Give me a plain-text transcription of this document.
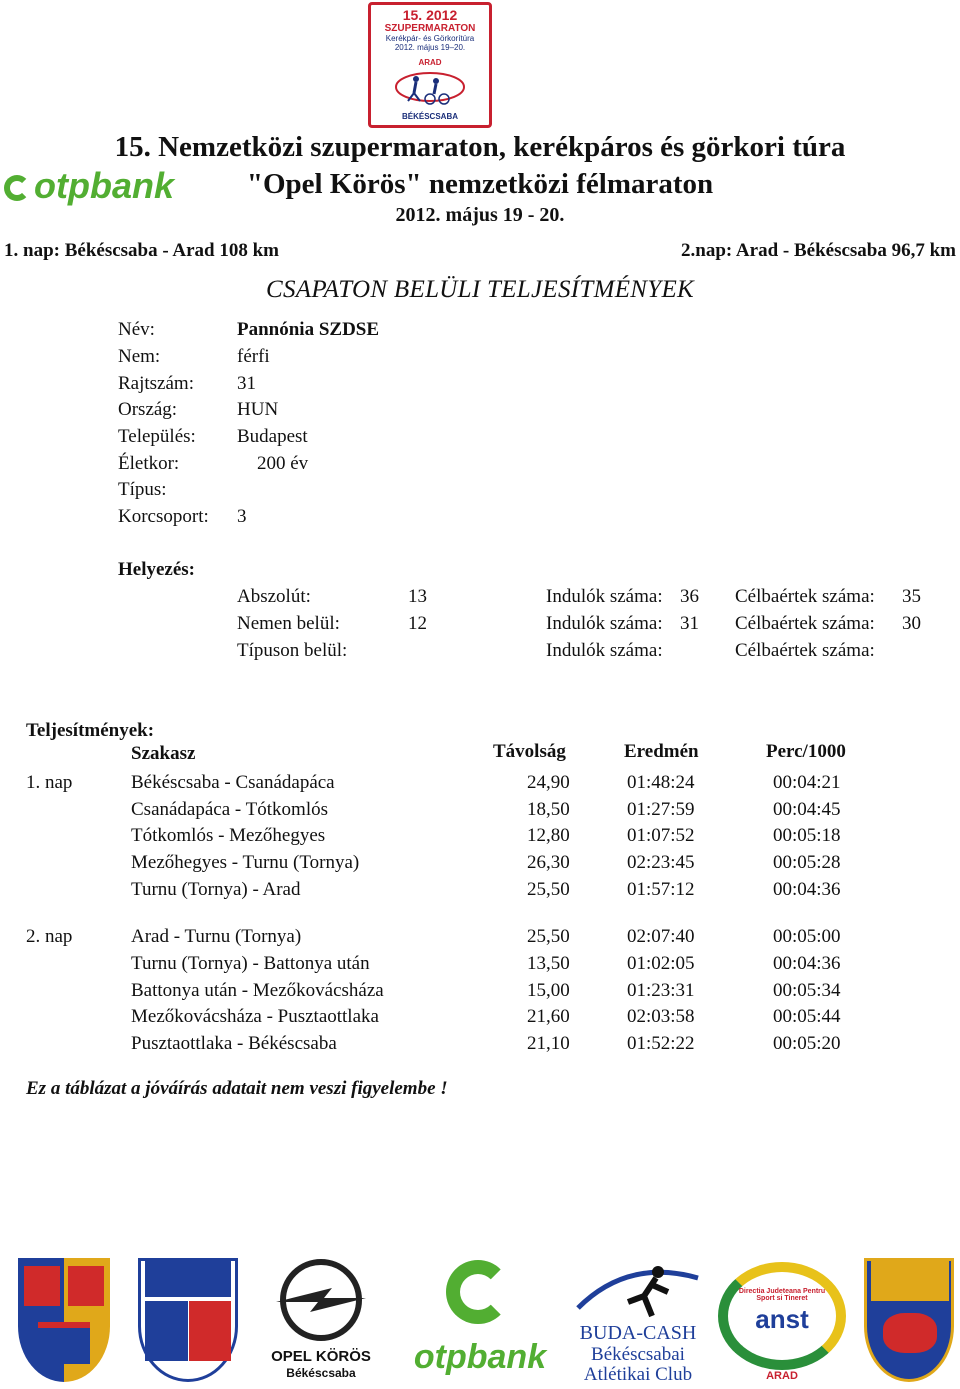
15. 2012
SZUPERMARATON
Kerékpár- és Görkorítúra
2012. május 19–20.
ARAD
BÉKÉSCSABA
15. Nemzetközi szupermaraton, kerékpáros és görkori túra
"Opel Körös" nemzetközi félmaraton
2012. május 19 - 20.
otpbank
1. nap: Békéscsaba - Arad 108 km	2.nap: Arad - Békéscsaba 96,7 km
CSAPATON BELÜLI TELJESÍTMÉNYEK
Név:	Pannónia SZDSE
Nem:	férfi
Rajtszám: 31
Ország:	HUN
Település: Budapest
Életkor:	200 év
Típus:
Korcsoport: 3
Helyezés:
Abszolút:	13	Indulók száma: 36 Célbaértek száma: 35
Nemen belül:	12	Indulók száma: 31 Célbaértek száma: 30
Típuson belül:	Indulók száma:	Célbaértek száma:
Teljesítmények:
Szakasz	Távolság	Eredmén	Perc/1000
1. nap	Békéscsaba - Csanádapáca	24,90	01:48:24	00:04:21
Csanádapáca - Tótkomlós	18,50	01:27:59	00:04:45
Tótkomlós - Mezőhegyes	12,80	01:07:52	00:05:18
Mezőhegyes - Turnu (Tornya)	26,30	02:23:45	00:05:28
Turnu (Tornya) - Arad	25,50	01:57:12	00:04:36
2. nap	Arad - Turnu (Tornya)	25,50	02:07:40	00:05:00
Turnu (Tornya) - Battonya után	13,50	01:02:05	00:04:36
Battonya után - Mezőkovácsháza	15,00	01:23:31	00:05:34
Mezőkovácsháza - Pusztaottlaka	21,60	02:03:58	00:05:44
Pusztaottlaka - Békéscsaba	21,10	01:52:22	00:05:20
Ez a táblázat a jóváírás adatait nem veszi figyelembe !
OPEL KÖRÖS
Békéscsaba	otpbank
BUDA-CASH
Békéscsabai
Atlétikai Club
Directia Judeteana Pentru Sport si Tineret
anst
ARAD
